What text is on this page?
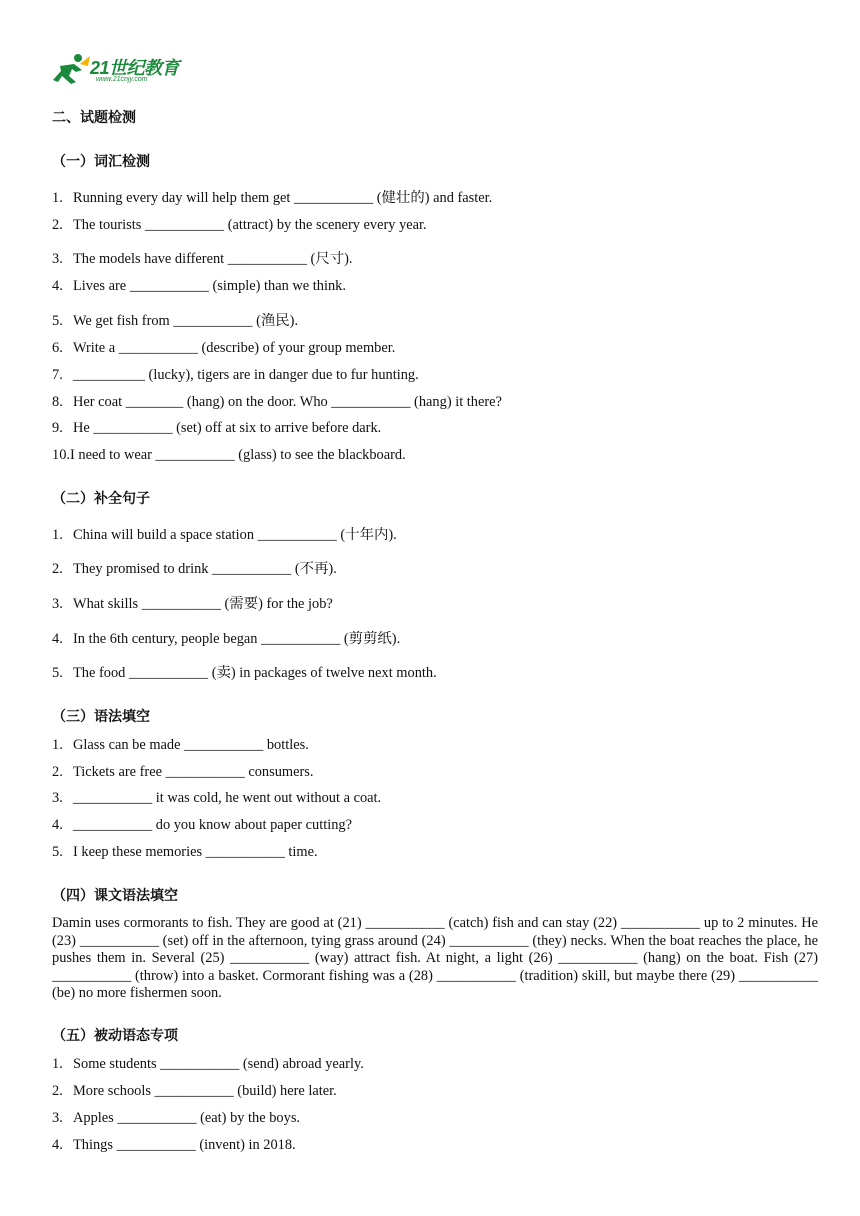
21世纪教育
www.21cnjy.com
二、试题检测
（一）词汇检测
1. Running every day will help them get ___________ (健壮的) and faster.
2. The tourists ___________ (attract) by the scenery every year.
3. The models have different ___________ (尺寸).
4. Lives are ___________ (simple) than we think.
5. We get fish from ___________ (渔民).
6. Write a ___________ (describe) of your group member.
7. __________ (lucky), tigers are in danger due to fur hunting.
8. Her coat ________ (hang) on the door. Who ___________ (hang) it there?
9. He ___________ (set) off at six to arrive before dark.
10.I need to wear ___________ (glass) to see the blackboard.
（二）补全句子
1. China will build a space station ___________ (十年内).
2. They promised to drink ___________ (不再).
3. What skills ___________ (需要) for the job?
4. In the 6th century, people began ___________ (剪剪纸).
5. The food ___________ (卖) in packages of twelve next month.
（三）语法填空
1. Glass can be made ___________ bottles.
2. Tickets are free ___________ consumers.
3. ___________ it was cold, he went out without a coat.
4. ___________ do you know about paper cutting?
5. I keep these memories ___________ time.
（四）课文语法填空
Damin uses cormorants to fish. They are good at (21) ___________ (catch) fish and can stay (22) ___________ up to 2 minutes. He (23) ___________ (set) off in the afternoon, tying grass around (24) ___________ (they) necks. When the boat reaches the place, he pushes them in. Several (25) ___________ (way) attract fish. At night, a light (26) ___________ (hang) on the boat. Fish (27) ___________ (throw) into a basket. Cormorant fishing was a (28) ___________ (tradition) skill, but maybe there (29) ___________ (be) no more fishermen soon.
（五）被动语态专项
1. Some students ___________ (send) abroad yearly.
2. More schools ___________ (build) here later.
3. Apples ___________ (eat) by the boys.
4. Things ___________ (invent) in 2018.
